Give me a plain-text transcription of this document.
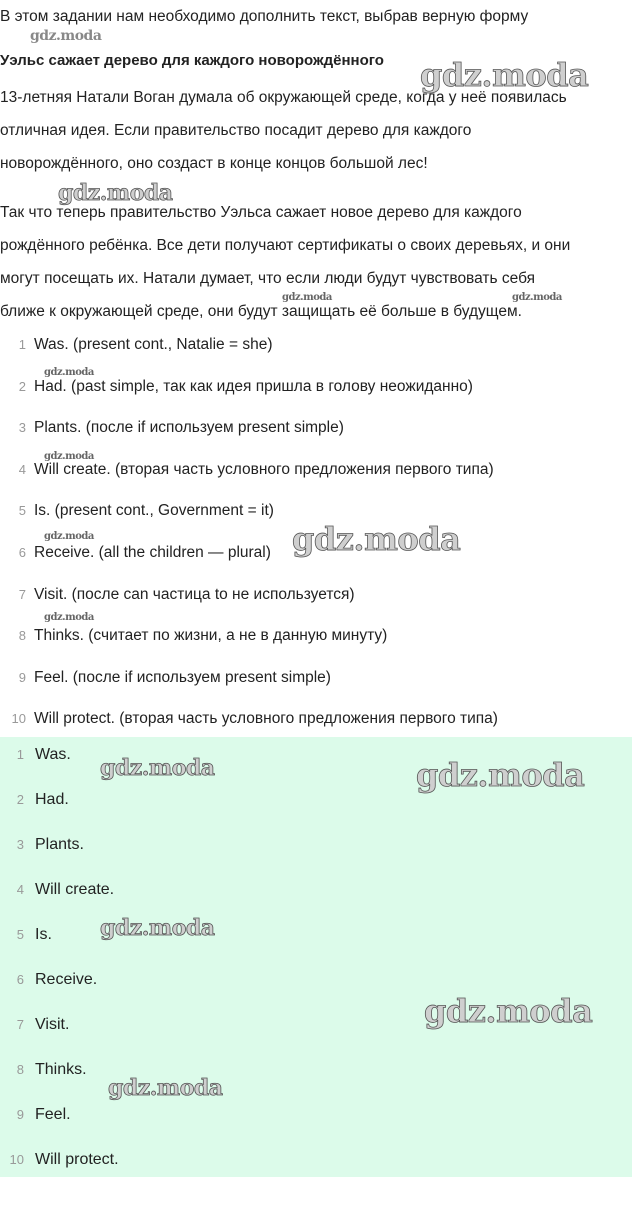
В этом задании нам необходимо дополнить текст, выбрав верную форму
Уэльс сажает дерево для каждого новорождённого

13-летняя Натали Воган думала об окружающей среде, когда у неё появилась

отличная идея. Если правительство посадит дерево для каждого

новорождённого, оно создаст в конце концов большой лес!

Так что теперь правительство Уэльса сажает новое дерево для каждого

рождённого ребёнка. Все дети получают сертификаты о своих деревьях, и они

могут посещать их. Натали думает, что если люди будут чувствовать себя

ближе к окружающей среде, они будут защищать её больше в будущем.

1 Was. (present cont., Natalie = she)
2 Had. (past simple, так как идея пришла в голову неожиданно)
3 Plants. (после if используем present simple)
4 Will create. (вторая часть условного предложения первого типа)
5 Is. (present cont., Government = it)
6 Receive. (all the children — plural)
7 Visit. (после can частица to не используется)
8 Thinks. (считает по жизни, а не в данную минуту)
9 Feel. (после if используем present simple)
10 Will protect. (вторая часть условного предложения первого типа)
1 Was.
2 Had.
3 Plants.
4 Will create.
5 Is.
6 Receive.
7 Visit.
8 Thinks.
9 Feel.
10 Will protect.
gdz.moda
gdz.moda
gdz.moda
gdz.moda	gdz.moda
gdz.moda
gdz.moda
gdz.moda	gdz.moda
gdz.moda
gdz.moda	gdz.moda
gdz.moda
gdz.moda
gdz.moda
